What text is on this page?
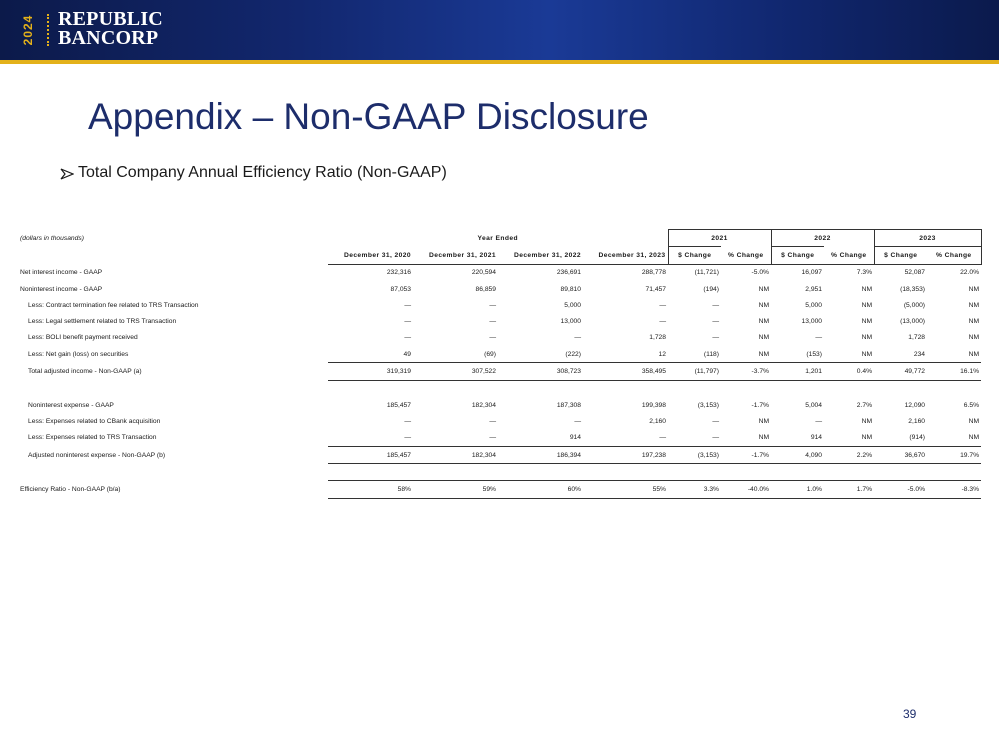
2024 REPUBLIC
BANCORP
Appendix – Non-GAAP Disclosure
Total Company Annual Efficiency Ratio (Non-GAAP)
(dollars in thousands)	Year Ended				2021		2022		2023	
	December 31, 2020	December 31, 2021	December 31, 2022	December 31, 2023	$ Change	% Change	$ Change	% Change	$ Change	% Change
Net interest income - GAAP	232,316	220,594	236,691	288,778	(11,721)	-5.0%	16,097	7.3%	52,087	22.0%
Noninterest income - GAAP	87,053	86,859	89,810	71,457	(194)	NM	2,951	NM	(18,353)	NM
Less: Contract termination fee related to TRS Transaction	—	—	5,000	—	—	NM	5,000	NM	(5,000)	NM
Less: Legal settlement related to TRS Transaction	—	—	13,000	—	—	NM	13,000	NM	(13,000)	NM
Less: BOLI benefit payment received	—	—	—	1,728	—	NM	—	NM	1,728	NM
Less: Net gain (loss) on securities	49	(69)	(222)	12	(118)	NM	(153)	NM	234	NM
Total adjusted income - Non-GAAP (a)	319,319	307,522	308,723	358,495	(11,797)	-3.7%	1,201	0.4%	49,772	16.1%

Noninterest expense - GAAP	185,457	182,304	187,308	199,398	(3,153)	-1.7%	5,004	2.7%	12,090	6.5%
Less: Expenses related to CBank acquisition	—	—	—	2,160	—	NM	—	NM	2,160	NM
Less: Expenses related to TRS Transaction	—	—	914	—	—	NM	914	NM	(914)	NM
Adjusted noninterest expense - Non-GAAP (b)	185,457	182,304	186,394	197,238	(3,153)	-1.7%	4,090	2.2%	36,670	19.7%

Efficiency Ratio - Non-GAAP (b/a)	58%	59%	60%	55%	3.3%	-40.0%	1.0%	1.7%	-5.0%	-8.3%
39
